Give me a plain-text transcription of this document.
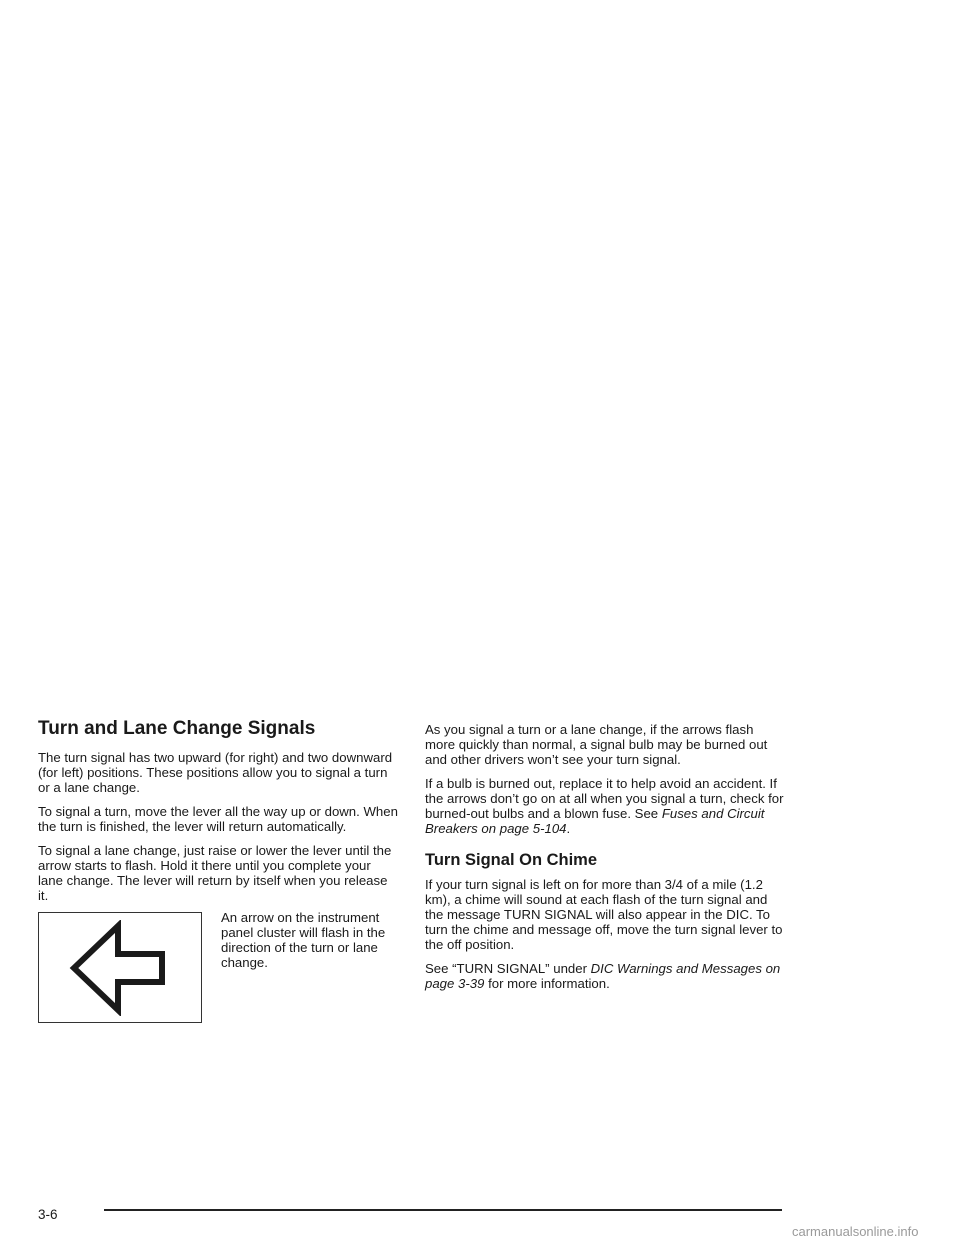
Turn and Lane Change Signals

The turn signal has two upward (for right) and two downward (for left) positions. These positions allow you to signal a turn or a lane change.

To signal a turn, move the lever all the way up or down. When the turn is finished, the lever will return automatically.

To signal a lane change, just raise or lower the lever until the arrow starts to flash. Hold it there until you complete your lane change. The lever will return by itself when you release it.

An arrow on the instrument panel cluster will flash in the direction of the turn or lane change.

As you signal a turn or a lane change, if the arrows flash more quickly than normal, a signal bulb may be burned out and other drivers won’t see your turn signal.

If a bulb is burned out, replace it to help avoid an accident. If the arrows don’t go on at all when you signal a turn, check for burned-out bulbs and a blown fuse. See Fuses and Circuit Breakers on page 5-104.

Turn Signal On Chime

If your turn signal is left on for more than 3/4 of a mile (1.2 km), a chime will sound at each flash of the turn signal and the message TURN SIGNAL will also appear in the DIC. To turn the chime and message off, move the turn signal lever to the off position.

See “TURN SIGNAL” under DIC Warnings and Messages on page 3-39 for more information.

3-6
carmanualsonline.info
